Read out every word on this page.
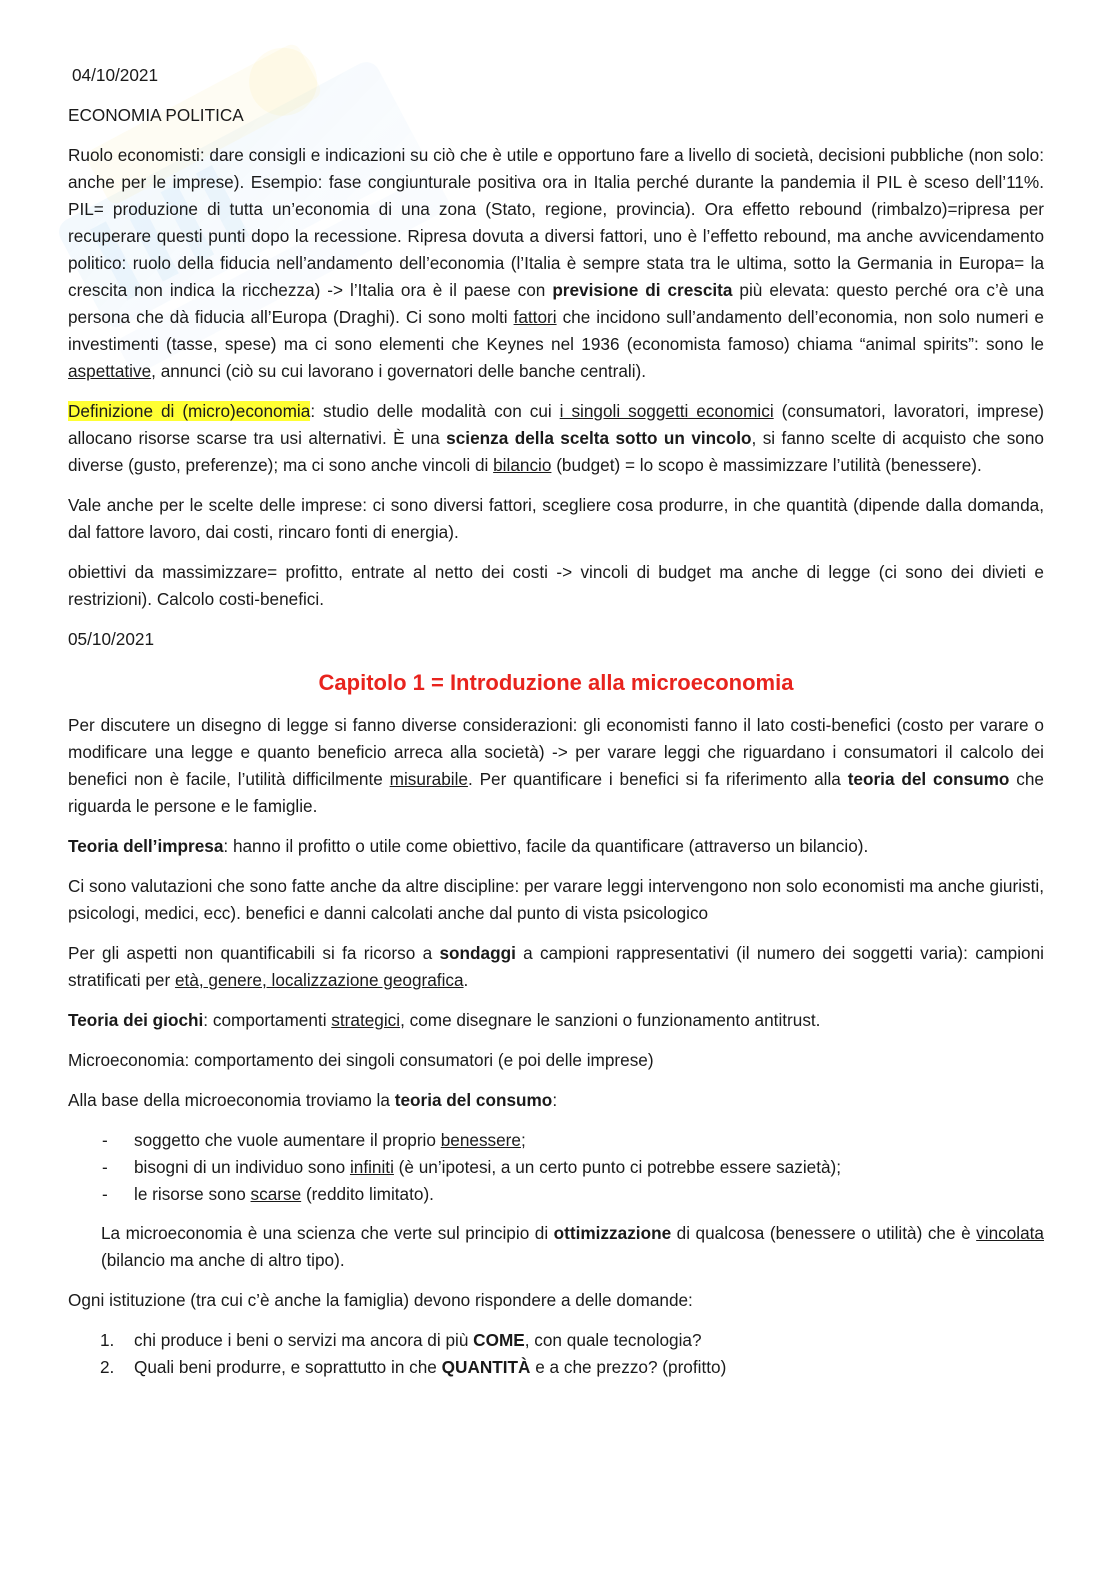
04/10/2021
ECONOMIA POLITICA

Ruolo economisti: dare consigli e indicazioni su ciò che è utile e opportuno fare a livello di società, decisioni pubbliche (non solo: anche per le imprese). Esempio: fase congiunturale positiva ora in Italia perché durante la pandemia il PIL è sceso dell’11%. PIL= produzione di tutta un’economia di una zona (Stato, regione, provincia). Ora effetto rebound (rimbalzo)=ripresa per recuperare questi punti dopo la recessione. Ripresa dovuta a diversi fattori, uno è l’effetto rebound, ma anche avvicendamento politico: ruolo della fiducia nell’andamento dell’economia (l’Italia è sempre stata tra le ultima, sotto la Germania in Europa= la crescita non indica la ricchezza) -> l’Italia ora è il paese con previsione di crescita più elevata: questo perché ora c’è una persona che dà fiducia all’Europa (Draghi). Ci sono molti fattori che incidono sull’andamento dell’economia, non solo numeri e investimenti (tasse, spese) ma ci sono elementi che Keynes nel 1936 (economista famoso) chiama “animal spirits”: sono le aspettative, annunci (ciò su cui lavorano i governatori delle banche centrali).

Definizione di (micro)economia: studio delle modalità con cui i singoli soggetti economici (consumatori, lavoratori, imprese) allocano risorse scarse tra usi alternativi. È una scienza della scelta sotto un vincolo, si fanno scelte di acquisto che sono diverse (gusto, preferenze); ma ci sono anche vincoli di bilancio (budget) = lo scopo è massimizzare l’utilità (benessere).

Vale anche per le scelte delle imprese: ci sono diversi fattori, scegliere cosa produrre, in che quantità (dipende dalla domanda, dal fattore lavoro, dai costi, rincaro fonti di energia).

obiettivi da massimizzare= profitto, entrate al netto dei costi -> vincoli di budget ma anche di legge (ci sono dei divieti e restrizioni). Calcolo costi-benefici.

05/10/2021
Capitolo 1 = Introduzione alla microeconomia

Per discutere un disegno di legge si fanno diverse considerazioni: gli economisti fanno il lato costi-benefici (costo per varare o modificare una legge e quanto beneficio arreca alla società) -> per varare leggi che riguardano i consumatori il calcolo dei benefici non è facile, l’utilità difficilmente misurabile. Per quantificare i benefici si fa riferimento alla teoria del consumo che riguarda le persone e le famiglie.

Teoria dell’impresa: hanno il profitto o utile come obiettivo, facile da quantificare (attraverso un bilancio).

Ci sono valutazioni che sono fatte anche da altre discipline: per varare leggi intervengono non solo economisti ma anche giuristi, psicologi, medici, ecc). benefici e danni calcolati anche dal punto di vista psicologico

Per gli aspetti non quantificabili si fa ricorso a sondaggi a campioni rappresentativi (il numero dei soggetti varia): campioni stratificati per età, genere, localizzazione geografica.

Teoria dei giochi: comportamenti strategici, come disegnare le sanzioni o funzionamento antitrust.

Microeconomia: comportamento dei singoli consumatori (e poi delle imprese)

Alla base della microeconomia troviamo la teoria del consumo:

- soggetto che vuole aumentare il proprio benessere;
- bisogni di un individuo sono infiniti (è un’ipotesi, a un certo punto ci potrebbe essere sazietà);
- le risorse sono scarse (reddito limitato).

La microeconomia è una scienza che verte sul principio di ottimizzazione di qualcosa (benessere o utilità) che è vincolata (bilancio ma anche di altro tipo).

Ogni istituzione (tra cui c’è anche la famiglia) devono rispondere a delle domande:

1. chi produce i beni o servizi ma ancora di più COME, con quale tecnologia?
2. Quali beni produrre, e soprattutto in che QUANTITÀ e a che prezzo? (profitto)
